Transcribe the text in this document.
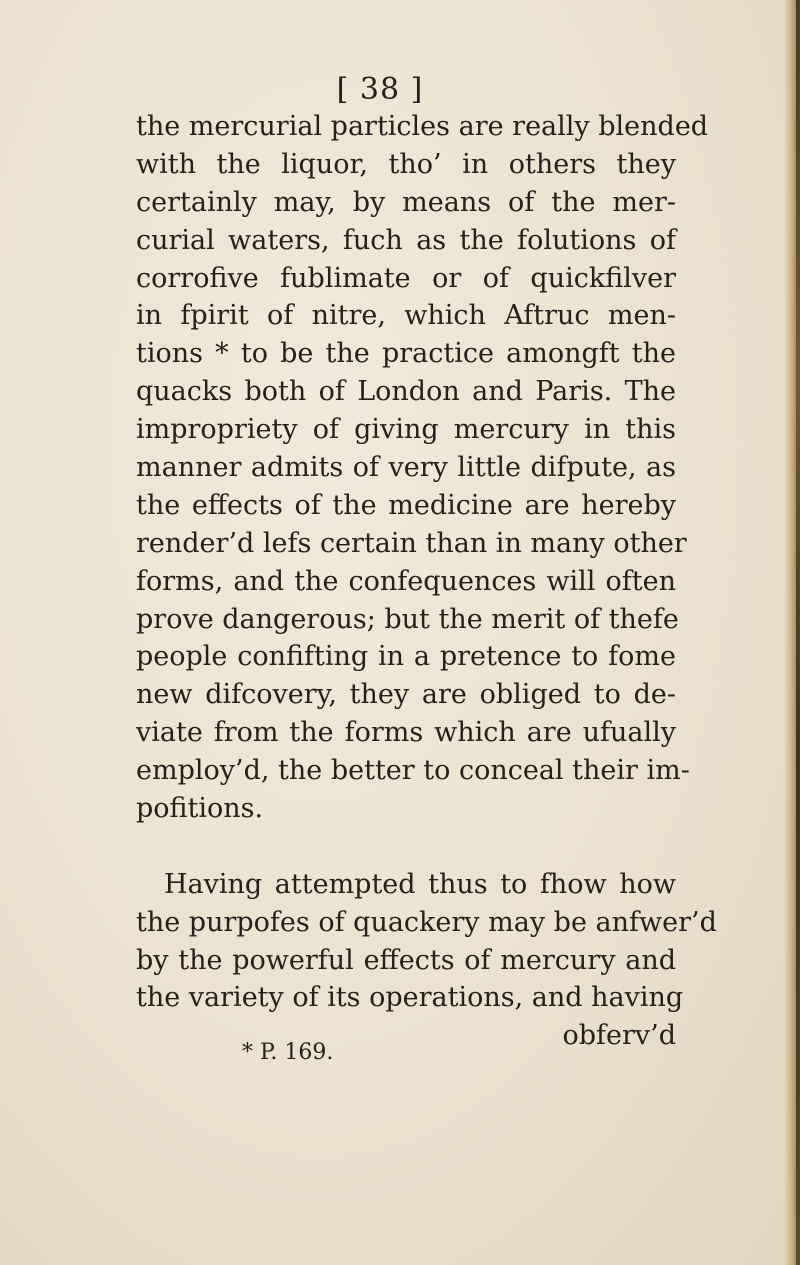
[ 38 ]
the mercurial particles are really blended
with the liquor, tho’ in others they
certainly may, by means of the mer-
curial waters, fuch as the folutions of
corrofive fublimate or of quickfilver
in fpirit of nitre, which Aftruc men-
tions * to be the practice amongft the
quacks both of London and Paris. The
impropriety of giving mercury in this
manner admits of very little difpute, as
the effects of the medicine are hereby
render’d lefs certain than in many other
forms, and the confequences will often
prove dangerous; but the merit of thefe
people confifting in a pretence to fome
new difcovery, they are obliged to de-
viate from the forms which are ufually
employ’d, the better to conceal their im-
pofitions.
Having attempted thus to fhow how
the purpofes of quackery may be anfwer’d
by the powerful effects of mercury and
the variety of its operations, and having
obferv’d
* P. 169.
